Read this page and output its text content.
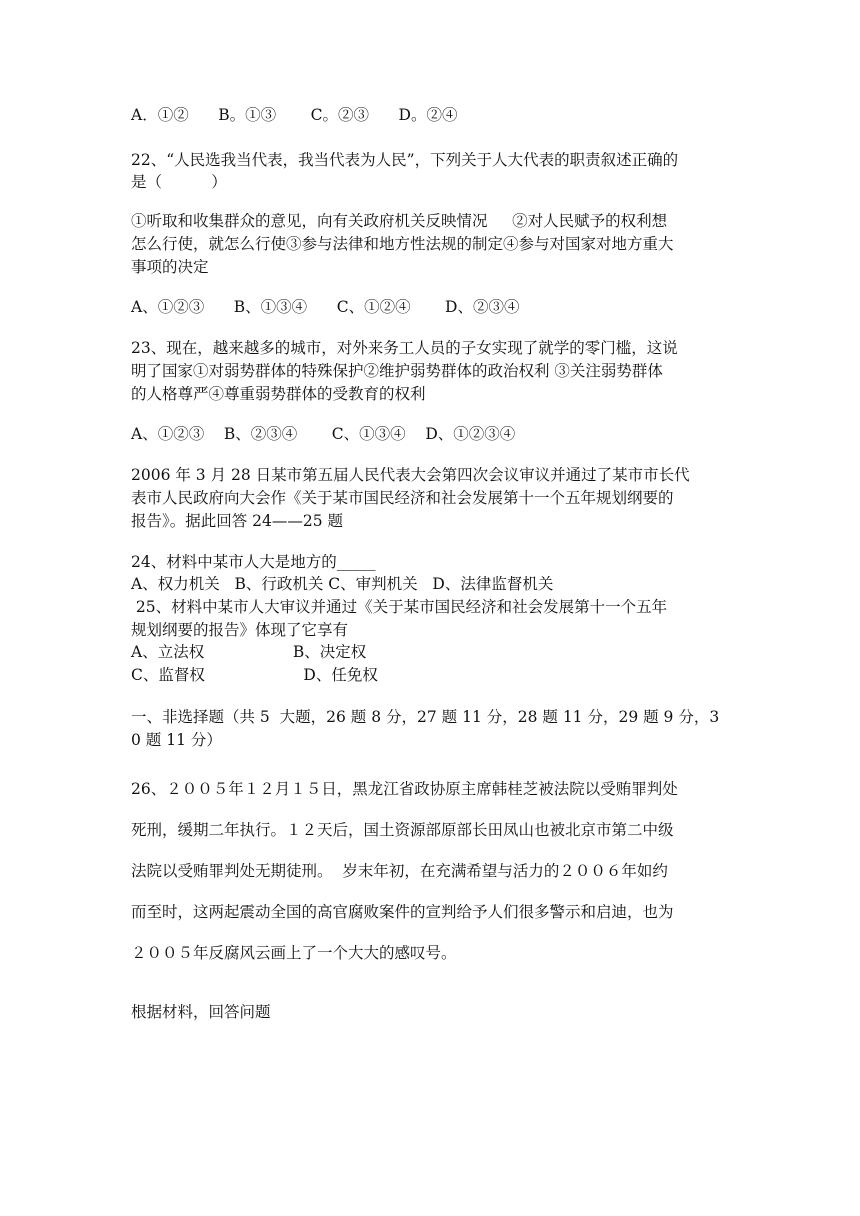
A．①②      B。①③       C。②③      D。②④
22、“人民选我当代表，我当代表为人民”，下列关于人大代表的职责叙述正确的
是（          ）
①听取和收集群众的意见，向有关政府机关反映情况     ②对人民赋予的权利想
怎么行使，就怎么行使③参与法律和地方性法规的制定④参与对国家对地方重大
事项的决定
A、①②③      B、①③④      C、①②④       D、②③④
23、现在，越来越多的城市，对外来务工人员的子女实现了就学的零门槛，这说
明了国家①对弱势群体的特殊保护②维护弱势群体的政治权利 ③关注弱势群体
的人格尊严④尊重弱势群体的受教育的权利
A、①②③    B、②③④       C、①③④    D、①②③④
2006 年 3 月 28 日某市第五届人民代表大会第四次会议审议并通过了某市市长代
表市人民政府向大会作《关于某市国民经济和社会发展第十一个五年规划纲要的
报告》。据此回答 24——25 题
24、材料中某市人大是地方的_____
A、权力机关   B、行政机关 C、审判机关   D、法律监督机关
25、材料中某市人大审议并通过《关于某市国民经济和社会发展第十一个五年
规划纲要的报告》体现了它享有
A、立法权                  B、决定权
C、监督权                    D、任免权
一、非选择题（共 5  大题，26 题 8 分，27 题 11 分，28 题 11 分，29 题 9 分，3
0 题 11 分）
26、２００５年１２月１５日，黑龙江省政协原主席韩桂芝被法院以受贿罪判处
死刑，缓期二年执行。１２天后，国土资源部原部长田凤山也被北京市第二中级
法院以受贿罪判处无期徒刑。  岁末年初，在充满希望与活力的２００６年如约
而至时，这两起震动全国的高官腐败案件的宣判给予人们很多警示和启迪，也为
２００５年反腐风云画上了一个大大的感叹号。
根据材料，回答问题
